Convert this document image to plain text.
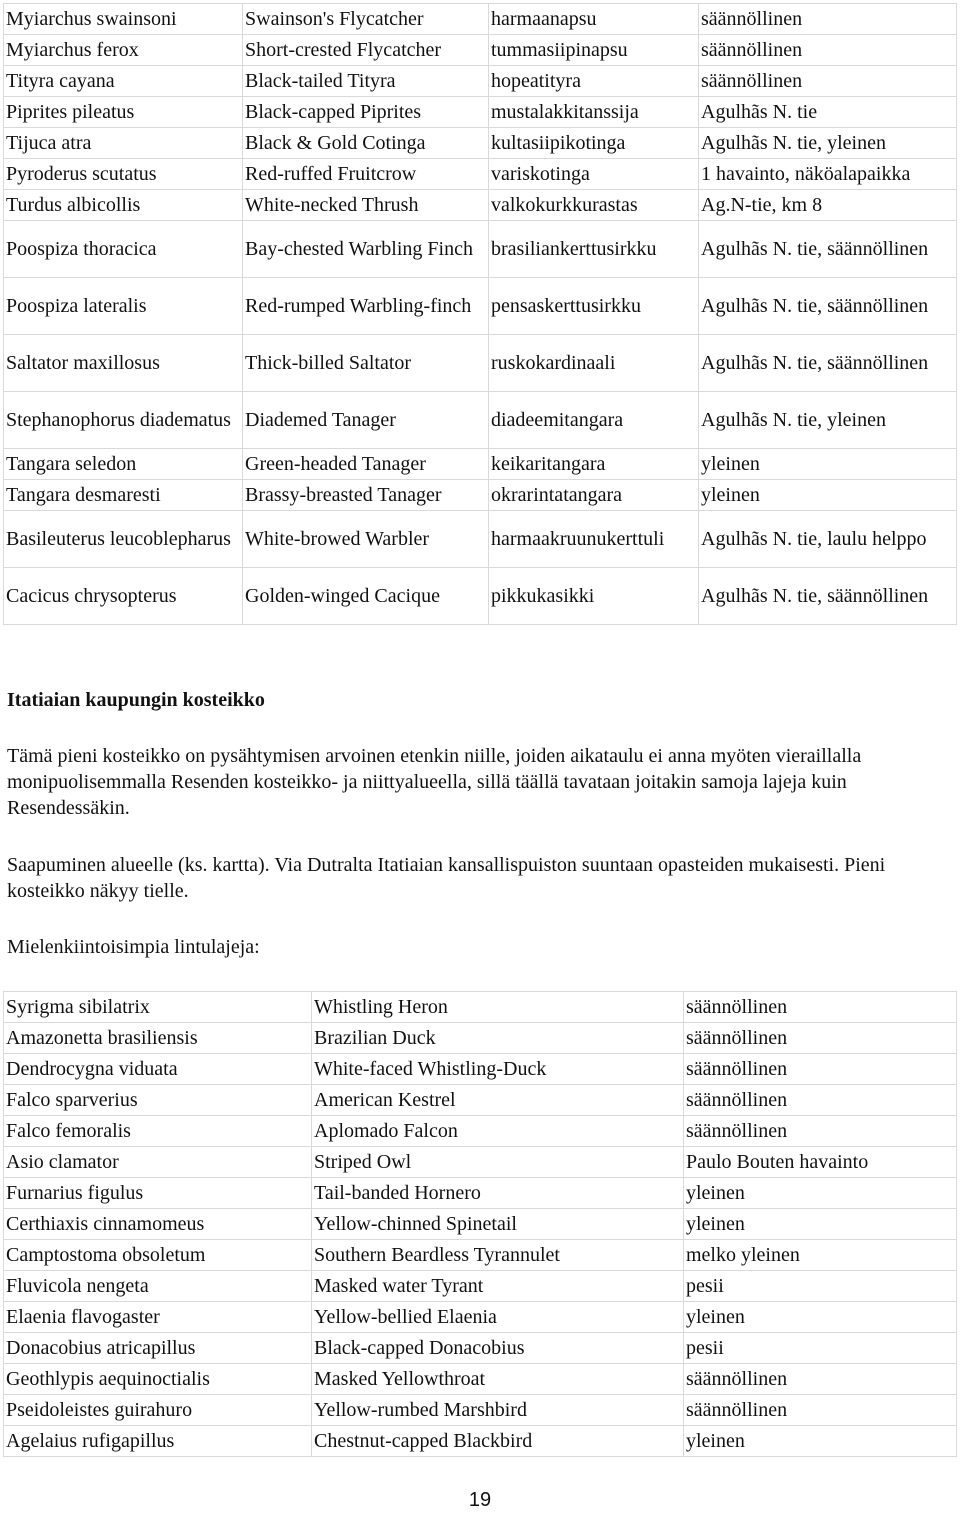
Myiarchus swainsoni	Swainson's Flycatcher	harmaanapsu	säännöllinen
Myiarchus ferox	Short-crested Flycatcher	tummasiipinapsu	säännöllinen
Tityra cayana	Black-tailed Tityra	hopeatityra	säännöllinen
Piprites pileatus	Black-capped Piprites	mustalakkitanssija	Agulhãs N. tie
Tijuca atra	Black & Gold Cotinga	kultasiipikotinga	Agulhãs N. tie, yleinen
Pyroderus scutatus	Red-ruffed Fruitcrow	variskotinga	1 havainto, näköalapaikka
Turdus albicollis	White-necked Thrush	valkokurkkurastas	Ag.N-tie, km 8
Poospiza thoracica	Bay-chested Warbling Finch	brasiliankerttusirkku	Agulhãs N. tie, säännöllinen
Poospiza lateralis	Red-rumped Warbling-finch	pensaskerttusirkku	Agulhãs N. tie, säännöllinen
Saltator maxillosus	Thick-billed Saltator	ruskokardinaali	Agulhãs N. tie, säännöllinen
Stephanophorus diadematus	Diademed Tanager	diadeemitangara	Agulhãs N. tie, yleinen
Tangara seledon	Green-headed Tanager	keikaritangara	yleinen
Tangara desmaresti	Brassy-breasted Tanager	okrarintatangara	yleinen
Basileuterus leucoblepharus	White-browed Warbler	harmaakruunukerttuli	Agulhãs N. tie, laulu helppo
Cacicus chrysopterus	Golden-winged Cacique	pikkukasikki	Agulhãs N. tie, säännöllinen
Itatiaian kaupungin kosteikko

Tämä pieni kosteikko on pysähtymisen arvoinen etenkin niille, joiden aikataulu ei anna myöten vieraillalla monipuolisemmalla Resenden kosteikko- ja niittyalueella, sillä täällä tavataan joitakin samoja lajeja kuin Resendessäkin.

Saapuminen alueelle (ks. kartta). Via Dutralta Itatiaian kansallispuiston suuntaan opasteiden mukaisesti. Pieni kosteikko näkyy tielle.

Mielenkiintoisimpia lintulajeja:

Syrigma sibilatrix	Whistling Heron	säännöllinen
Amazonetta brasiliensis	Brazilian Duck	säännöllinen
Dendrocygna viduata	White-faced Whistling-Duck	säännöllinen
Falco sparverius	American Kestrel	säännöllinen
Falco femoralis	Aplomado Falcon	säännöllinen
Asio clamator	Striped Owl	Paulo Bouten havainto
Furnarius figulus	Tail-banded Hornero	yleinen
Certhiaxis cinnamomeus	Yellow-chinned Spinetail	yleinen
Camptostoma obsoletum	Southern Beardless Tyrannulet	melko yleinen
Fluvicola nengeta	Masked water Tyrant	pesii
Elaenia flavogaster	Yellow-bellied Elaenia	yleinen
Donacobius atricapillus	Black-capped Donacobius	pesii
Geothlypis aequinoctialis	Masked Yellowthroat	säännöllinen
Pseidoleistes guirahuro	Yellow-rumbed Marshbird	säännöllinen
Agelaius rufigapillus	Chestnut-capped Blackbird	yleinen
19
